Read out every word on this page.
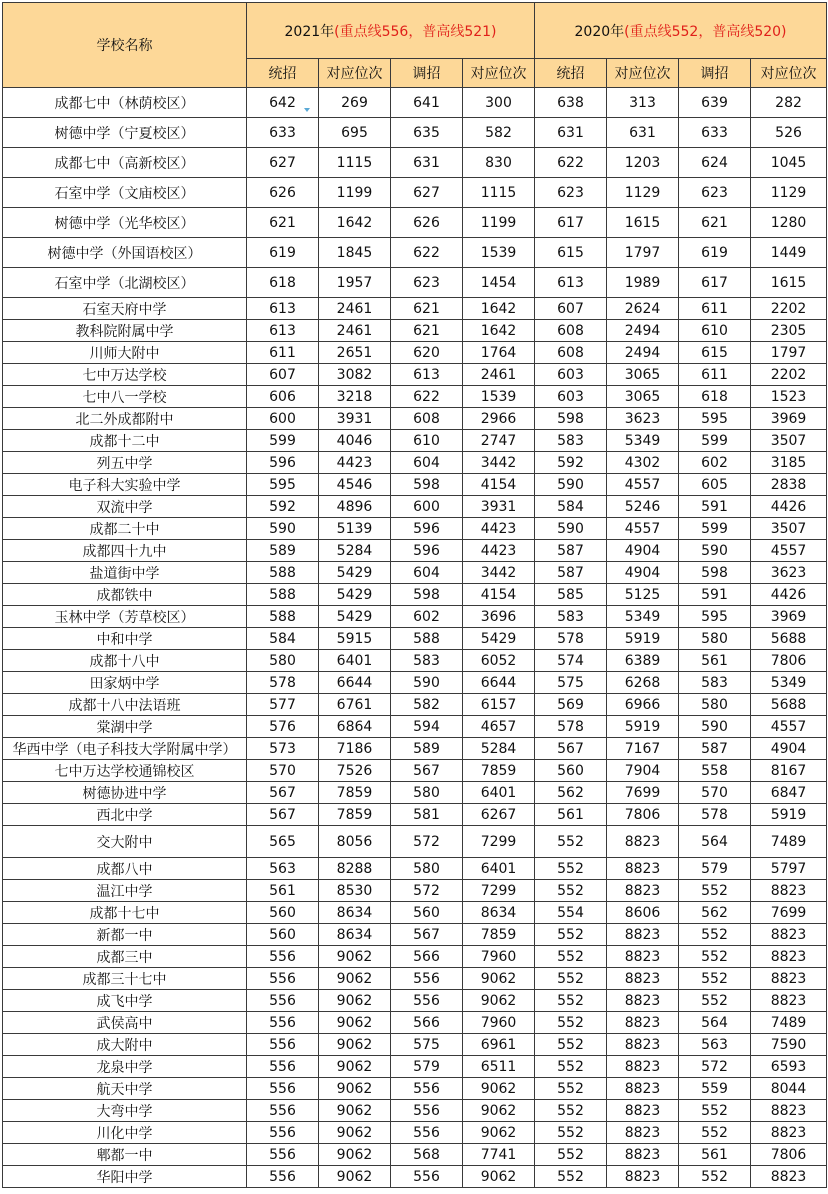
学校名称	2021年(重点线556，普高线521)				2020年(重点线552，普高线520)			
	统招	对应位次	调招	对应位次	统招	对应位次	调招	对应位次
成都七中（林荫校区）	642	269	641	300	638	313	639	282
树德中学（宁夏校区）	633	695	635	582	631	631	633	526
成都七中（高新校区）	627	1115	631	830	622	1203	624	1045
石室中学（文庙校区）	626	1199	627	1115	623	1129	623	1129
树德中学（光华校区）	621	1642	626	1199	617	1615	621	1280
树德中学（外国语校区）	619	1845	622	1539	615	1797	619	1449
石室中学（北湖校区）	618	1957	623	1454	613	1989	617	1615
石室天府中学	613	2461	621	1642	607	2624	611	2202
教科院附属中学	613	2461	621	1642	608	2494	610	2305
川师大附中	611	2651	620	1764	608	2494	615	1797
七中万达学校	607	3082	613	2461	603	3065	611	2202
七中八一学校	606	3218	622	1539	603	3065	618	1523
北二外成都附中	600	3931	608	2966	598	3623	595	3969
成都十二中	599	4046	610	2747	583	5349	599	3507
列五中学	596	4423	604	3442	592	4302	602	3185
电子科大实验中学	595	4546	598	4154	590	4557	605	2838
双流中学	592	4896	600	3931	584	5246	591	4426
成都二十中	590	5139	596	4423	590	4557	599	3507
成都四十九中	589	5284	596	4423	587	4904	590	4557
盐道街中学	588	5429	604	3442	587	4904	598	3623
成都铁中	588	5429	598	4154	585	5125	591	4426
玉林中学（芳草校区）	588	5429	602	3696	583	5349	595	3969
中和中学	584	5915	588	5429	578	5919	580	5688
成都十八中	580	6401	583	6052	574	6389	561	7806
田家炳中学	578	6644	590	6644	575	6268	583	5349
成都十八中法语班	577	6761	582	6157	569	6966	580	5688
棠湖中学	576	6864	594	4657	578	5919	590	4557
华西中学（电子科技大学附属中学）	573	7186	589	5284	567	7167	587	4904
七中万达学校通锦校区	570	7526	567	7859	560	7904	558	8167
树德协进中学	567	7859	580	6401	562	7699	570	6847
西北中学	567	7859	581	6267	561	7806	578	5919
交大附中	565	8056	572	7299	552	8823	564	7489
成都八中	563	8288	580	6401	552	8823	579	5797
温江中学	561	8530	572	7299	552	8823	552	8823
成都十七中	560	8634	560	8634	554	8606	562	7699
新都一中	560	8634	567	7859	552	8823	552	8823
成都三中	556	9062	566	7960	552	8823	552	8823
成都三十七中	556	9062	556	9062	552	8823	552	8823
成飞中学	556	9062	556	9062	552	8823	552	8823
武侯高中	556	9062	566	7960	552	8823	564	7489
成大附中	556	9062	575	6961	552	8823	563	7590
龙泉中学	556	9062	579	6511	552	8823	572	6593
航天中学	556	9062	556	9062	552	8823	559	8044
大弯中学	556	9062	556	9062	552	8823	552	8823
川化中学	556	9062	556	9062	552	8823	552	8823
郫都一中	556	9062	568	7741	552	8823	561	7806
华阳中学	556	9062	556	9062	552	8823	552	8823
